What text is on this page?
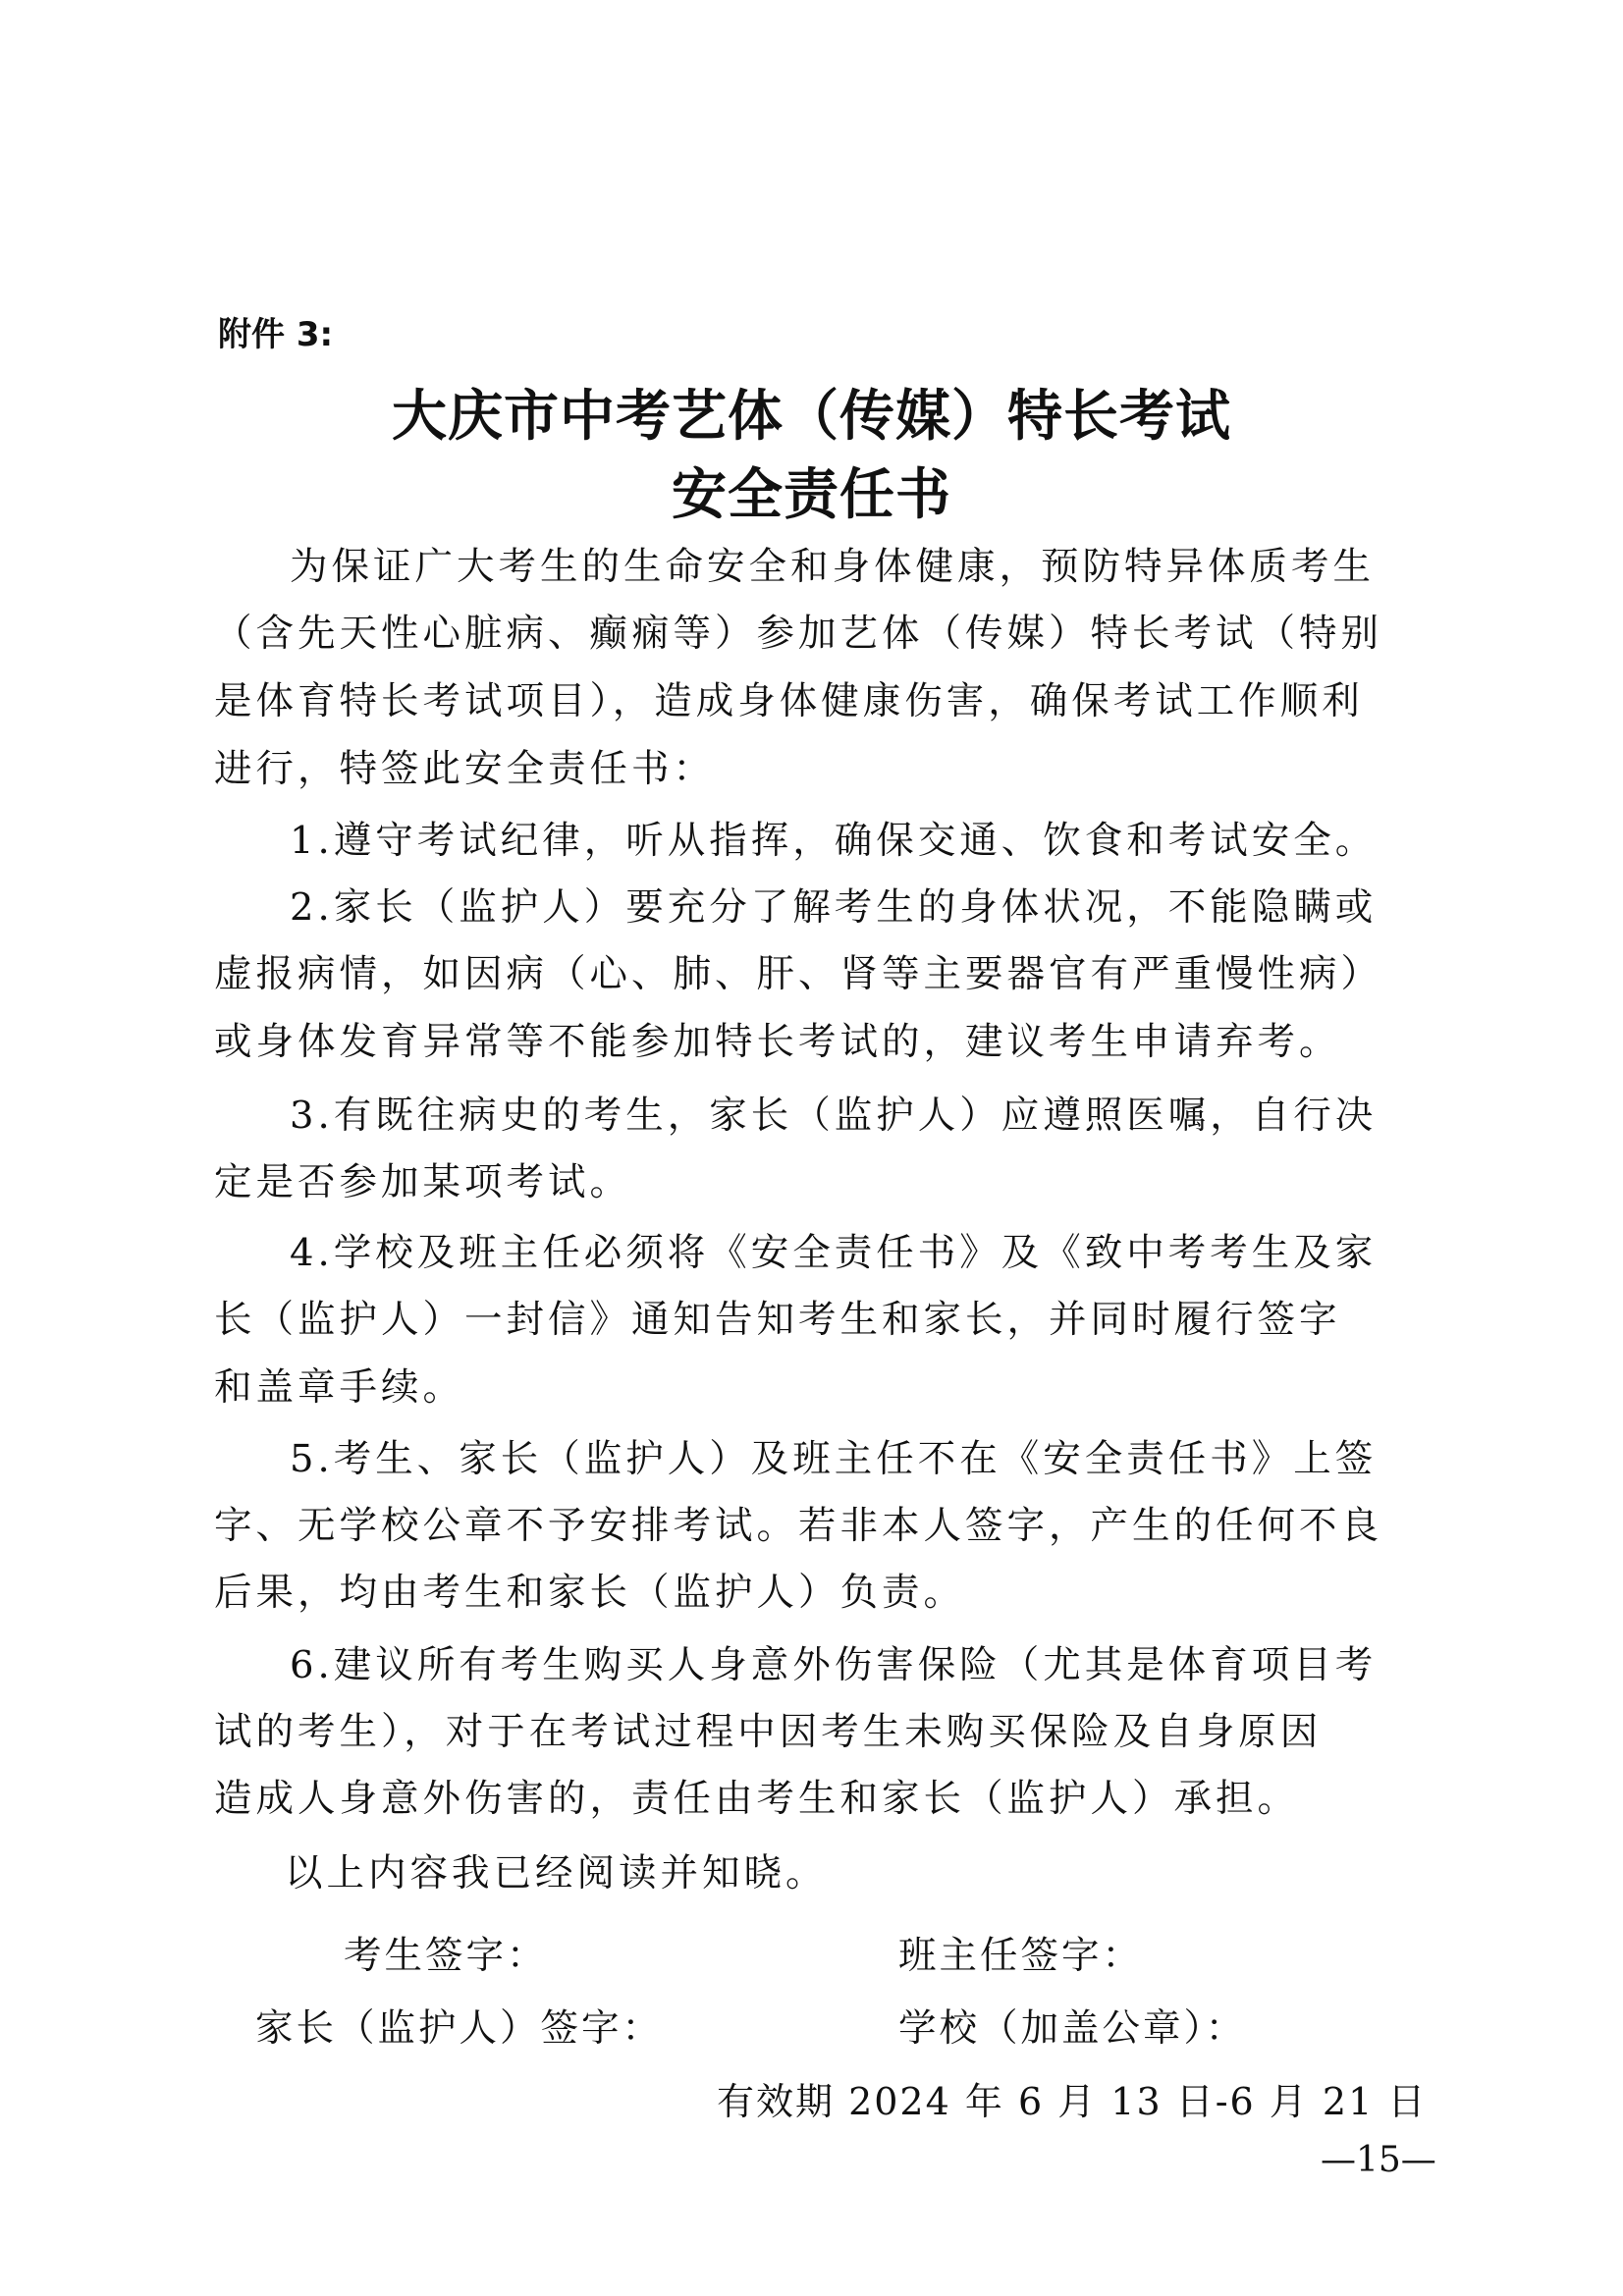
附件 3:
大庆市中考艺体（传媒）特长考试
安全责任书
为保证广大考生的生命安全和身体健康，预防特异体质考生
（含先天性心脏病、癫痫等）参加艺体（传媒）特长考试（特别
是体育特长考试项目），造成身体健康伤害，确保考试工作顺利
进行，特签此安全责任书：
1.遵守考试纪律，听从指挥，确保交通、饮食和考试安全。
2.家长（监护人）要充分了解考生的身体状况，不能隐瞒或
虚报病情，如因病（心、肺、肝、肾等主要器官有严重慢性病）
或身体发育异常等不能参加特长考试的，建议考生申请弃考。
3.有既往病史的考生，家长（监护人）应遵照医嘱，自行决
定是否参加某项考试。
4.学校及班主任必须将《安全责任书》及《致中考考生及家
长（监护人）一封信》通知告知考生和家长，并同时履行签字
和盖章手续。
5.考生、家长（监护人）及班主任不在《安全责任书》上签
字、无学校公章不予安排考试。若非本人签字，产生的任何不良
后果，均由考生和家长（监护人）负责。
6.建议所有考生购买人身意外伤害保险（尤其是体育项目考
试的考生），对于在考试过程中因考生未购买保险及自身原因
造成人身意外伤害的，责任由考生和家长（监护人）承担。
以上内容我已经阅读并知晓。
考生签字：	班主任签字：
家长（监护人）签字：	学校（加盖公章）：
有效期 2024 年 6 月 13 日-6 月 21 日
—15—
